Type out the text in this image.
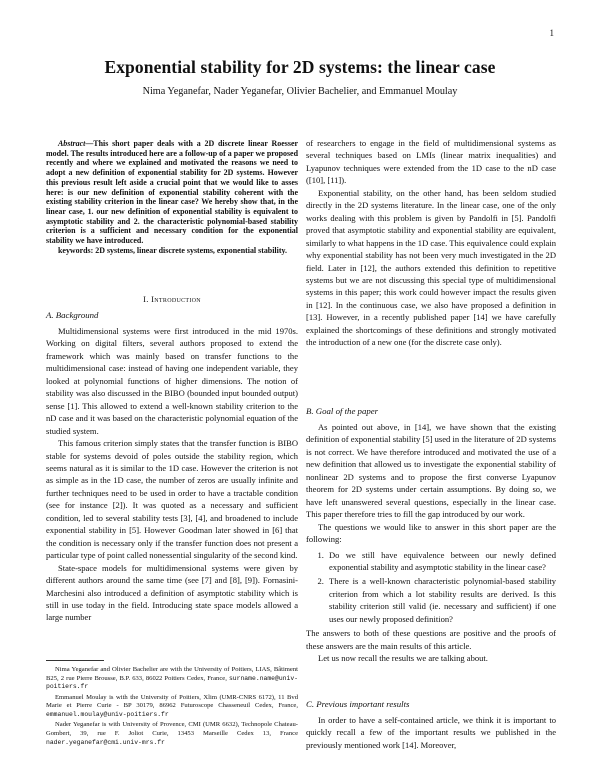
1
Exponential stability for 2D systems: the linear case
Nima Yeganefar, Nader Yeganefar, Olivier Bachelier, and Emmanuel Moulay

Abstract—This short paper deals with a 2D discrete linear Roesser model. The results introduced here are a follow-up of a paper we proposed recently and where we explained and motivated the reasons we need to adopt a new definition of exponential stability for 2D systems. However this previous result left aside a crucial point that we would like to asses here: is our new definition of exponential stability coherent with the existing stability criterion in the linear case? We hereby show that, in the linear case, 1. our new definition of exponential stability is equivalent to asymptotic stability and 2. the characteristic polynomial-based stability criterion is a sufficient and necessary condition for the exponential stability we have introduced.

keywords: 2D systems, linear discrete systems, exponential stability.

I. Introduction
A. Background

Multidimensional systems were first introduced in the mid 1970s. Working on digital filters, several authors proposed to extend the framework which was mainly based on transfer functions to the multidimensional case: instead of having one independent variable, they looked at polynomial functions of higher dimensions. The notion of stability was also discussed in the BIBO (bounded input bounded output) sense [1]. This allowed to extend a well-known stability criterion to the nD case and it was based on the characteristic polynomial equation of the studied system.

This famous criterion simply states that the transfer function is BIBO stable for systems devoid of poles outside the stability region, which seems natural as it is similar to the 1D case. However the criterion is not as simple as in the 1D case, the number of zeros are usually infinite and further techniques need to be used in order to have a tractable condition (see for instance [2]). It was quoted as a necessary and sufficient condition, led to several stability tests [3], [4], and broadened to include exponential stability in [5]. However Goodman later showed in [6] that the condition is necessary only if the transfer function does not present a particular type of point called nonessential singularity of the second kind.

State-space models for multidimensional systems were given by different authors around the same time (see [7] and [8], [9]). Fornasini-Marchesini also introduced a definition of asymptotic stability which is still in use today in the field. Introducing state space models allowed a large number

Nima Yeganefar and Olivier Bachelier are with the University of Poitiers, LIAS, Bâtiment B25, 2 rue Pierre Brousse, B.P. 633, 86022 Poitiers Cedex, France, surname.name@univ-poitiers.fr

Emmanuel Moulay is with the University of Poitiers, Xlim (UMR-CNRS 6172), 11 Bvd Marie et Pierre Curie - BP 30179, 86962 Futuroscope Chasseneuil Cedex, France, emmanuel.moulay@univ-poitiers.fr

Nader Yeganefar is with University of Provence, CMI (UMR 6632), Technopole Chateau-Gombert, 39, rue F. Joliot Curie, 13453 Marseille Cedex 13, France nader.yeganefar@cmi.univ-mrs.fr

of researchers to engage in the field of multidimensional systems as several techniques based on LMIs (linear matrix inequalities) and Lyapunov techniques were extended from the 1D case to the nD case ([10], [11]).

Exponential stability, on the other hand, has been seldom studied directly in the 2D systems literature. In the linear case, one of the only works dealing with this problem is given by Pandolfi in [5]. Pandolfi proved that asymptotic stability and exponential stability are equivalent, similarly to what happens in the 1D case. This equivalence could explain why exponential stability has not been very much investigated in the 2D field. Later in [12], the authors extended this definition to repetitive systems but we are not discussing this special type of multidimensional systems in this paper; this work could however impact the results given in [12]. In the continuous case, we also have proposed a definition in [13]. However, in a recently published paper [14] we have carefully explained the shortcomings of these definitions and strongly motivated the introduction of a new one (for the discrete case only).

B. Goal of the paper

As pointed out above, in [14], we have shown that the existing definition of exponential stability [5] used in the literature of 2D systems is not correct. We have therefore introduced and motivated the use of a new definition that allowed us to investigate the exponential stability of nonlinear 2D systems and to propose the first converse Lyapunov theorem for 2D systems under certain assumptions. By doing so, we have left unanswered several questions, especially in the linear case. This paper therefore tries to fill the gap introduced by our work.

The questions we would like to answer in this short paper are the following:

1. Do we still have equivalence between our newly defined exponential stability and asymptotic stability in the linear case?
2. There is a well-known characteristic polynomial-based stability criterion from which a lot stability results are derived. Is this stability criterion still valid (ie. necessary and sufficient) if one uses our newly proposed definition?

The answers to both of these questions are positive and the proofs of these answers are the main results of this article.

Let us now recall the results we are talking about.

C. Previous important results

In order to have a self-contained article, we think it is important to quickly recall a few of the important results we published in the previously mentioned work [14]. Moreover,
